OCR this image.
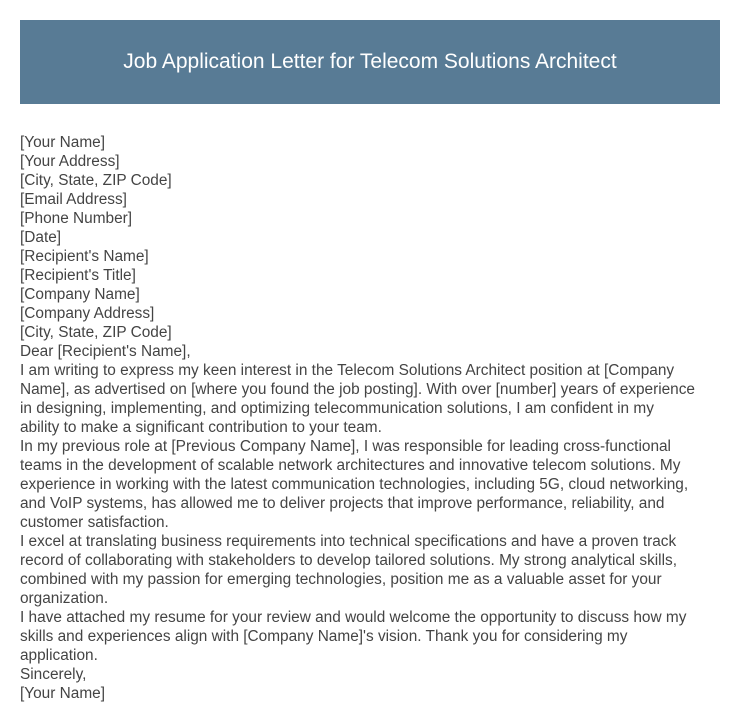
Job Application Letter for Telecom Solutions Architect
[Your Name]
[Your Address]
[City, State, ZIP Code]
[Email Address]
[Phone Number]
[Date]
[Recipient's Name]
[Recipient's Title]
[Company Name]
[Company Address]
[City, State, ZIP Code]
Dear [Recipient's Name],

I am writing to express my keen interest in the Telecom Solutions Architect position at [Company
Name], as advertised on [where you found the job posting]. With over [number] years of experience
in designing, implementing, and optimizing telecommunication solutions, I am confident in my
ability to make a significant contribution to your team.

In my previous role at [Previous Company Name], I was responsible for leading cross-functional
teams in the development of scalable network architectures and innovative telecom solutions. My
experience in working with the latest communication technologies, including 5G, cloud networking,
and VoIP systems, has allowed me to deliver projects that improve performance, reliability, and
customer satisfaction.

I excel at translating business requirements into technical specifications and have a proven track
record of collaborating with stakeholders to develop tailored solutions. My strong analytical skills,
combined with my passion for emerging technologies, position me as a valuable asset for your
organization.

I have attached my resume for your review and would welcome the opportunity to discuss how my
skills and experiences align with [Company Name]'s vision. Thank you for considering my
application.

Sincerely,
[Your Name]
